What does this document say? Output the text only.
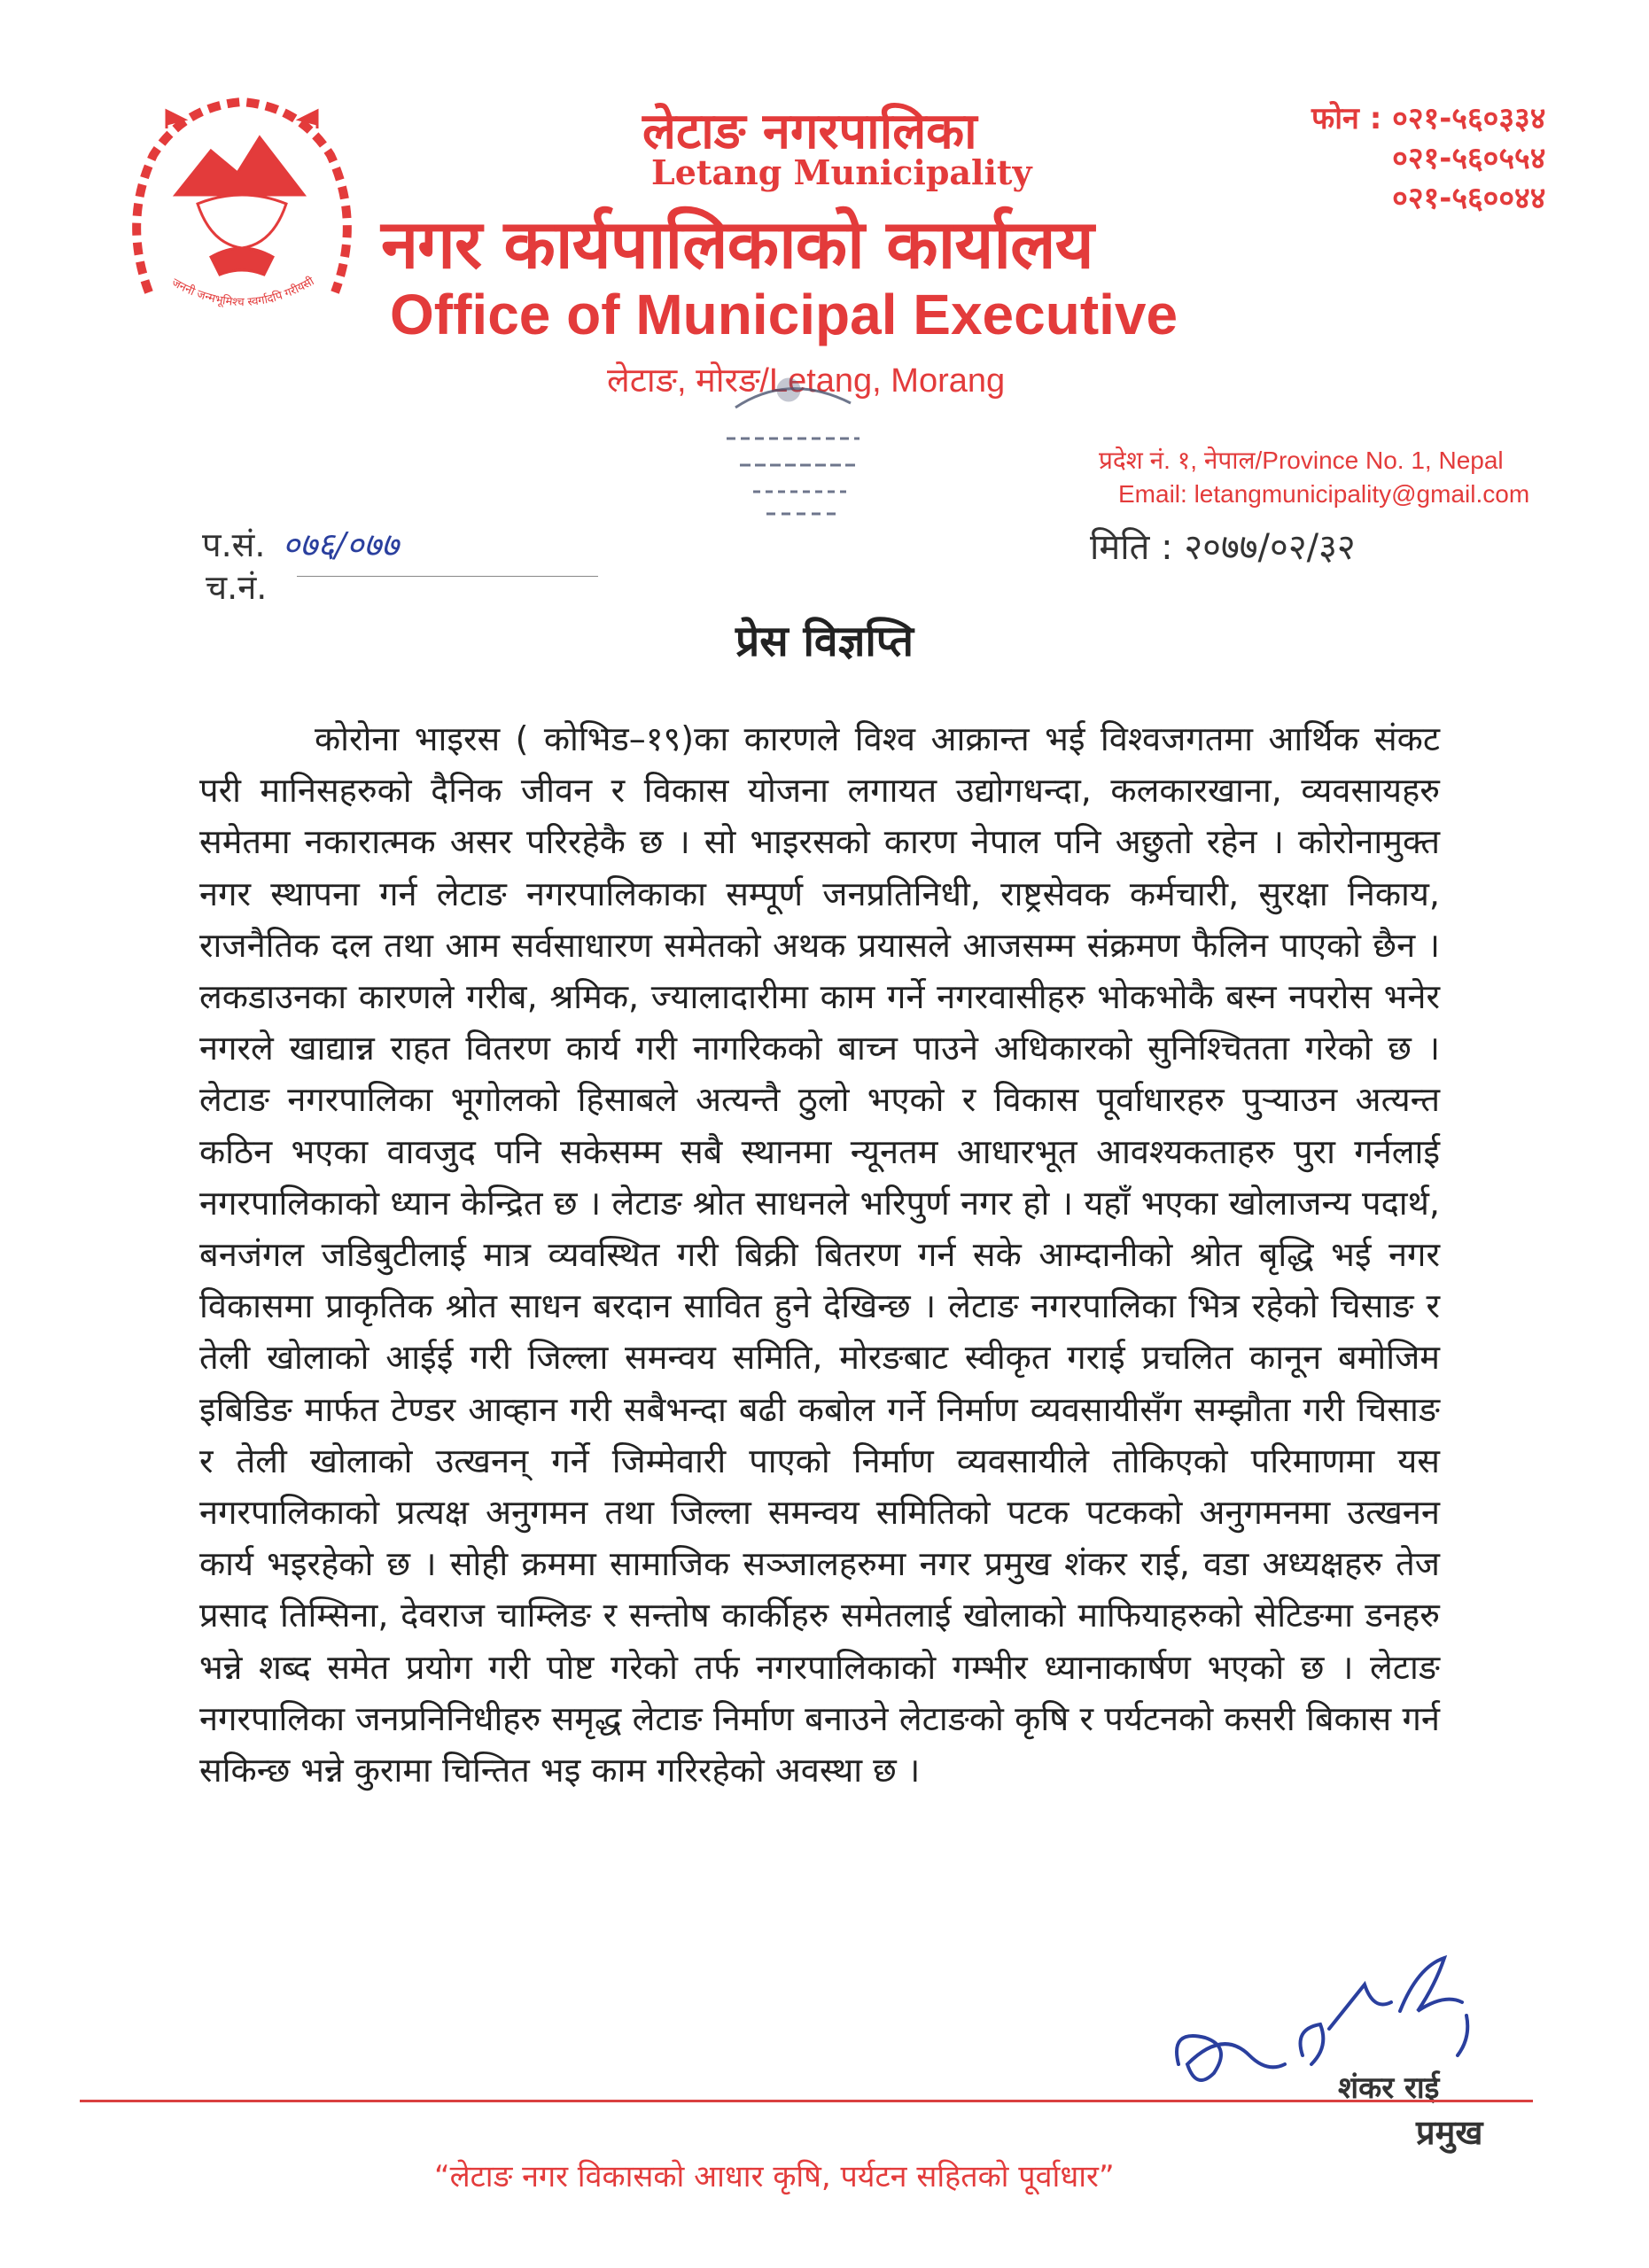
जननी जन्मभूमिश्च स्वर्गादपि गरीयसी
लेटाङ नगरपालिका
Letang Municipality
नगर कार्यपालिकाको कार्यालय
Office of Municipal Executive
लेटाङ, मोरङ/Letang, Morang
फोन : ०२१-५६०३३४
०२१-५६०५५४
०२१-५६००४४
प्रदेश नं. १, नेपाल/Province No. 1, Nepal
Email: letangmunicipality@gmail.com
प.सं. ०७६/०७७
च.नं.
मिति : २०७७/०२/३२
प्रेस विज्ञप्ति

कोरोना भाइरस ( कोभिड–१९)का कारणले विश्व आक्रान्त भई विश्वजगतमा आर्थिक संकट परी मानिसहरुको दैनिक जीवन र विकास योजना लगायत उद्योगधन्दा, कलकारखाना, व्यवसायहरु समेतमा नकारात्मक असर परिरहेकै छ । सो भाइरसको कारण नेपाल पनि अछुतो रहेन । कोरोनामुक्त नगर स्थापना गर्न लेटाङ नगरपालिकाका सम्पूर्ण जनप्रतिनिधी, राष्ट्रसेवक कर्मचारी, सुरक्षा निकाय, राजनैतिक दल तथा आम सर्वसाधारण समेतको अथक प्रयासले आजसम्म संक्रमण फैलिन पाएको छैन । लकडाउनका कारणले गरीब, श्रमिक, ज्यालादारीमा काम गर्ने नगरवासीहरु भोकभोकै बस्न नपरोस भनेर नगरले खाद्यान्न राहत वितरण कार्य गरी नागरिकको बाच्न पाउने अधिकारको सुनिश्चितता गरेको छ । लेटाङ नगरपालिका भूगोलको हिसाबले अत्यन्तै ठुलो भएको र विकास पूर्वाधारहरु पुऱ्याउन अत्यन्त कठिन भएका वावजुद पनि सकेसम्म सबै स्थानमा न्यूनतम आधारभूत आवश्यकताहरु पुरा गर्नलाई नगरपालिकाको ध्यान केन्द्रित छ । लेटाङ श्रोत साधनले भरिपुर्ण नगर हो । यहाँ भएका खोलाजन्य पदार्थ, बनजंगल जडिबुटीलाई मात्र व्यवस्थित गरी बिक्री बितरण गर्न सके आम्दानीको श्रोत बृद्धि भई नगर विकासमा प्राकृतिक श्रोत साधन बरदान सावित हुने देखिन्छ । लेटाङ नगरपालिका भित्र रहेको चिसाङ र तेली खोलाको आईई गरी जिल्ला समन्वय समिति, मोरङबाट स्वीकृत गराई प्रचलित कानून बमोजिम इबिडिङ मार्फत टेण्डर आव्हान गरी सबैभन्दा बढी कबोल गर्ने निर्माण व्यवसायीसँग सम्झौता गरी चिसाङ र तेली खोलाको उत्खनन् गर्ने जिम्मेवारी पाएको निर्माण व्यवसायीले तोकिएको परिमाणमा यस नगरपालिकाको प्रत्यक्ष अनुगमन तथा जिल्ला समन्वय समितिको पटक पटकको अनुगमनमा उत्खनन कार्य भइरहेको छ । सोही क्रममा सामाजिक सञ्जालहरुमा नगर प्रमुख शंकर राई, वडा अध्यक्षहरु तेज प्रसाद तिम्सिना, देवराज चाम्लिङ र सन्तोष कार्कीहरु समेतलाई खोलाको माफियाहरुको सेटिङमा डनहरु भन्ने शब्द समेत प्रयोग गरी पोष्ट गरेको तर्फ नगरपालिकाको गम्भीर ध्यानाकार्षण भएको छ । लेटाङ नगरपालिका जनप्रनिनिधीहरु समृद्ध लेटाङ निर्माण बनाउने लेटाङको कृषि र पर्यटनको कसरी बिकास गर्न सकिन्छ भन्ने कुरामा चिन्तित भइ काम गरिरहेको अवस्था छ ।

शंकर राई
प्रमुख
“लेटाङ नगर विकासको आधार कृषि, पर्यटन सहितको पूर्वाधार”
